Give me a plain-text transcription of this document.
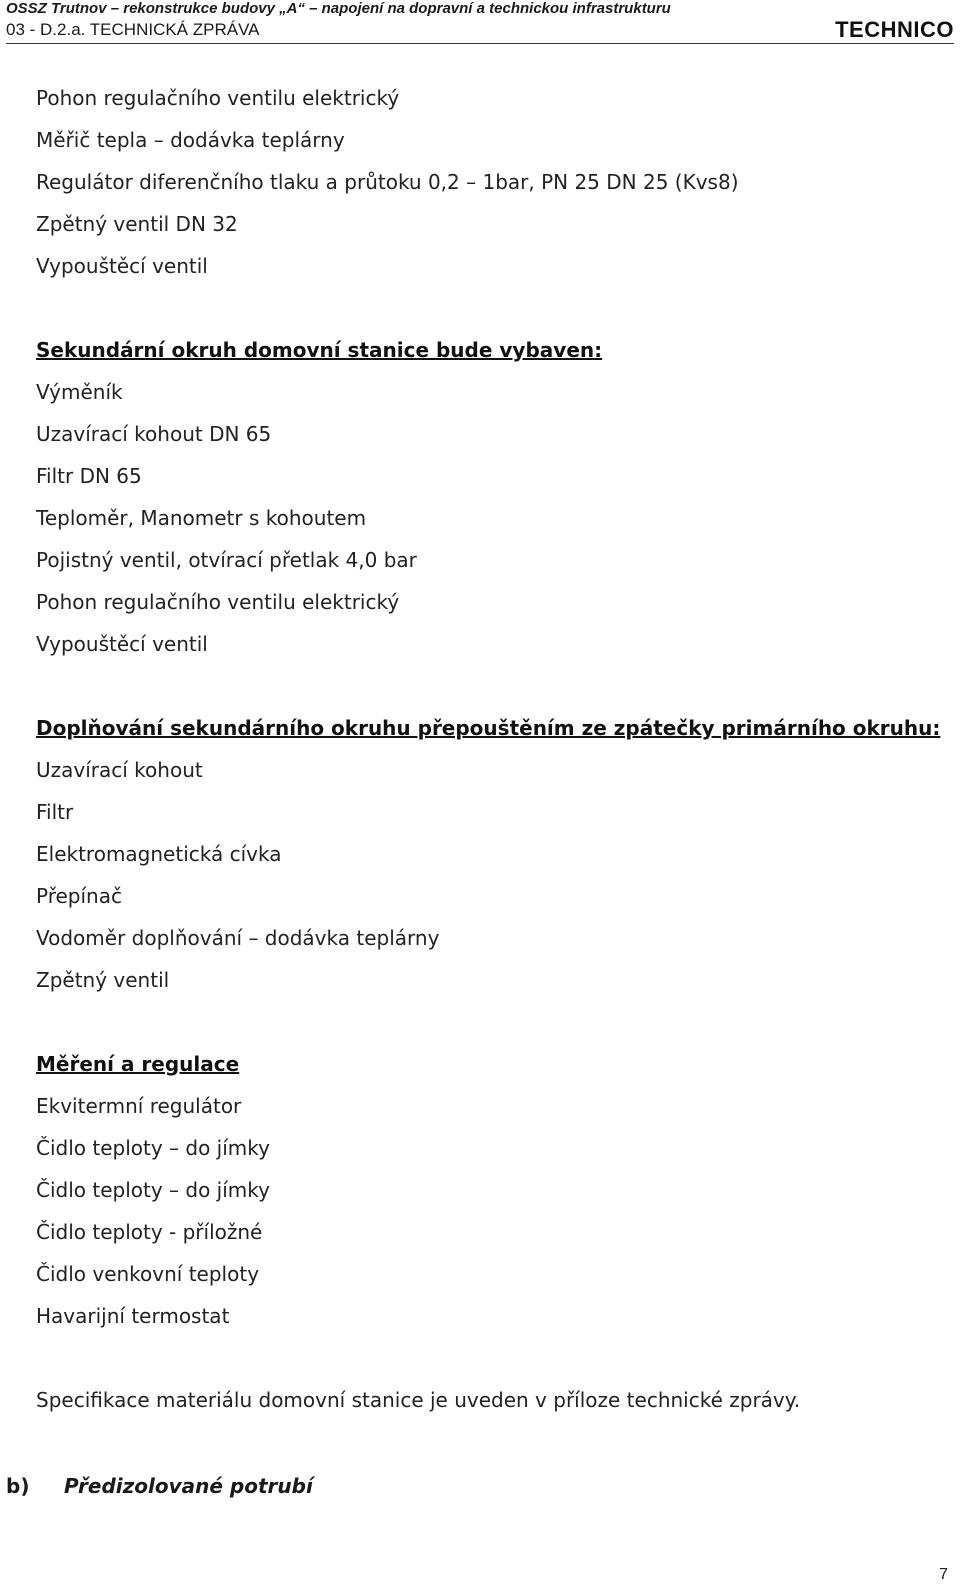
OSSZ Trutnov – rekonstrukce budovy „A“ – napojení na dopravní a technickou infrastrukturu
03 - D.2.a. TECHNICKÁ ZPRÁVA	TECHNICO
Pohon regulačního ventilu elektrický
Měřič tepla – dodávka teplárny
Regulátor diferenčního tlaku a průtoku 0,2 – 1bar, PN 25 DN 25 (Kvs8)
Zpětný ventil DN 32
Vypouštěcí ventil
Sekundární okruh domovní stanice bude vybaven:
Výměník
Uzavírací kohout DN 65
Filtr DN 65
Teploměr, Manometr s kohoutem
Pojistný ventil, otvírací přetlak 4,0 bar
Pohon regulačního ventilu elektrický
Vypouštěcí ventil
Doplňování sekundárního okruhu přepouštěním ze zpátečky primárního okruhu:
Uzavírací kohout
Filtr
Elektromagnetická cívka
Přepínač
Vodoměr doplňování – dodávka teplárny
Zpětný ventil
Měření a regulace
Ekvitermní regulátor
Čidlo teploty – do jímky
Čidlo teploty – do jímky
Čidlo teploty - příložné
Čidlo venkovní teploty
Havarijní termostat
Specifikace materiálu domovní stanice je uveden v příloze technické zprávy.
b) Předizolované potrubí
7
